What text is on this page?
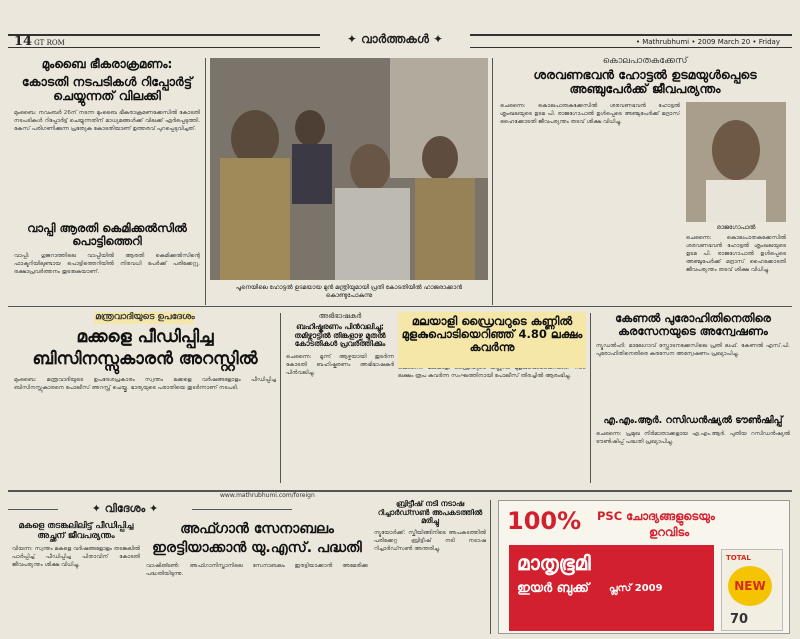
14 GT ROM	✦ വാർത്തകൾ ✦	• Mathrubhumi • 2009 March 20 • Friday
മുംബൈ ഭീകരാക്രമണം:
കോടതി നടപടികൾ റിപ്പോർട്ട് ചെയ്യുന്നത് വിലക്കി
മുംബൈ: നവംബർ 26ന് നടന്ന മുംബൈ ഭീകരാക്രമണക്കേസിൽ കോടതി നടപടികൾ റിപ്പോർട്ട് ചെയ്യുന്നതിന് മാധ്യമങ്ങൾക്ക് വിലക്ക് ഏർപ്പെടുത്തി. കേസ് പരിഗണിക്കുന്ന പ്രത്യേക കോടതിയാണ് ഉത്തരവ് പുറപ്പെടുവിച്ചത്.
വാപ്പി ആരതി കെമിക്കൽസിൽ പൊട്ടിത്തെറി
വാപ്പി: ഗുജറാത്തിലെ വാപ്പിയിൽ ആരതി കെമിക്കൽസിന്റെ ഫാക്ടറിയിലുണ്ടായ പൊട്ടിത്തെറിയിൽ നിരവധി പേർക്ക് പരിക്കേറ്റു. രക്ഷാപ്രവർത്തനം തുടരുകയാണ്.
പൂനെയിലെ ഹോട്ടൽ ഉടമയായ മുൻ മന്ത്രിയുമായി പ്രതി കോടതിയിൽ ഹാജരാക്കാൻ കൊണ്ടുപോകുന്നു
കൊലപാതകക്കേസ്
ശരവണഭവൻ ഹോട്ടൽ ഉടമയുൾപ്പെടെ അഞ്ചുപേർക്ക് ജീവപര്യന്തം
ചെന്നൈ: കൊലപാതകക്കേസിൽ ശരവണഭവൻ ഹോട്ടൽ ശൃംഖലയുടെ ഉടമ പി. രാജഗോപാൽ ഉൾപ്പെടെ അഞ്ചുപേർക്ക് മദ്രാസ് ഹൈക്കോടതി ജീവപര്യന്തം തടവ് ശിക്ഷ വിധിച്ചു.
രാജഗോപാൽ
ചെന്നൈ: കൊലപാതകക്കേസിൽ ശരവണഭവൻ ഹോട്ടൽ ശൃംഖലയുടെ ഉടമ പി. രാജഗോപാൽ ഉൾപ്പെടെ അഞ്ചുപേർക്ക് മദ്രാസ് ഹൈക്കോടതി ജീവപര്യന്തം തടവ് ശിക്ഷ വിധിച്ചു.
മന്ത്രവാദിയുടെ ഉപദേശം
മക്കളെ പീഡിപ്പിച്ച ബിസിനസ്സുകാരൻ അറസ്റ്റിൽ
മുംബൈ: മന്ത്രവാദിയുടെ ഉപദേശപ്രകാരം സ്വന്തം മക്കളെ വർഷങ്ങളോളം പീഡിപ്പിച്ച ബിസിനസ്സുകാരനെ പോലീസ് അറസ്റ്റ് ചെയ്തു. ഭാര്യയുടെ പരാതിയെ തുടർന്നാണ് നടപടി.
അഭിഭാഷകർ
ബഹിഷ്കരണം പിൻവലിച്ചു; തമിഴ്നാട്ടിൽ തിങ്കളാഴ്ച മുതൽ കോടതികൾ പ്രവർത്തിക്കും
ചെന്നൈ: മൂന്ന് ആഴ്ചയായി തുടർന്ന കോടതി ബഹിഷ്കരണം അഭിഭാഷകർ പിൻവലിച്ചു.
മലയാളി ഡ്രൈവറുടെ കണ്ണിൽ മുളകുപൊടിയെറിഞ്ഞ് 4.80 ലക്ഷം കവർന്നു
ലക്ഷം രൂപ കവർന്ന സംഘത്തിനായി പോലീസ് തിരച്ചിൽ ആരംഭിച്ചു.
കേണൽ പുരോഹിതിനെതിരെ കരസേനയുടെ അന്വേഷണം
ന്യൂഡൽഹി: മാലേഗാവ് സ്ഫോടനക്കേസിലെ പ്രതി ലഫ്. കേണൽ എസ്.പി. പുരോഹിതിനെതിരെ കരസേന അന്വേഷണം പ്രഖ്യാപിച്ചു.
എ.എം.ആർ. റസിഡൻഷ്യൽ ടൗൺഷിപ്പ്
ചെന്നൈ: പ്രമുഖ നിർമാതാക്കളായ എ.എം.ആർ. പുതിയ റസിഡൻഷ്യൽ ടൗൺഷിപ്പ് പദ്ധതി പ്രഖ്യാപിച്ചു.
www.mathrubhumi.com/foreign
✦ വിദേശം ✦
മകളെ തടങ്കലിലിട്ട് പീഡിപ്പിച്ച അച്ഛന് ജീവപര്യന്തം
വിയന്ന: സ്വന്തം മകളെ വർഷങ്ങളോളം തടങ്കലിൽ പാർപ്പിച്ച് പീഡിപ്പിച്ച പിതാവിന് കോടതി ജീവപര്യന്തം ശിക്ഷ വിധിച്ചു.
അഫ്ഗാൻ സേനാബലം ഇരട്ടിയാക്കാൻ യു.എസ്. പദ്ധതി
വാഷിങ്ടൺ: അഫ്ഗാനിസ്താനിലെ സേനാബലം ഇരട്ടിയാക്കാൻ അമേരിക്ക പദ്ധതിയിടുന്നു.
ബ്രിട്ടീഷ് നടി നടാഷ റിച്ചാർഡ്സൺ അപകടത്തിൽ മരിച്ചു
ന്യൂയോർക്ക്: സ്കീയിങ്ങിനിടെ അപകടത്തിൽ പരിക്കേറ്റ ബ്രിട്ടീഷ് നടി നടാഷ റിച്ചാർഡ്സൺ അന്തരിച്ചു.
100% PSC ചോദ്യങ്ങളുടെയും
ഉറവിടം
മാതൃഭൂമി
ഇയർ ബുക്ക് പ്ലസ് 2009
TOTAL
NEW
70
